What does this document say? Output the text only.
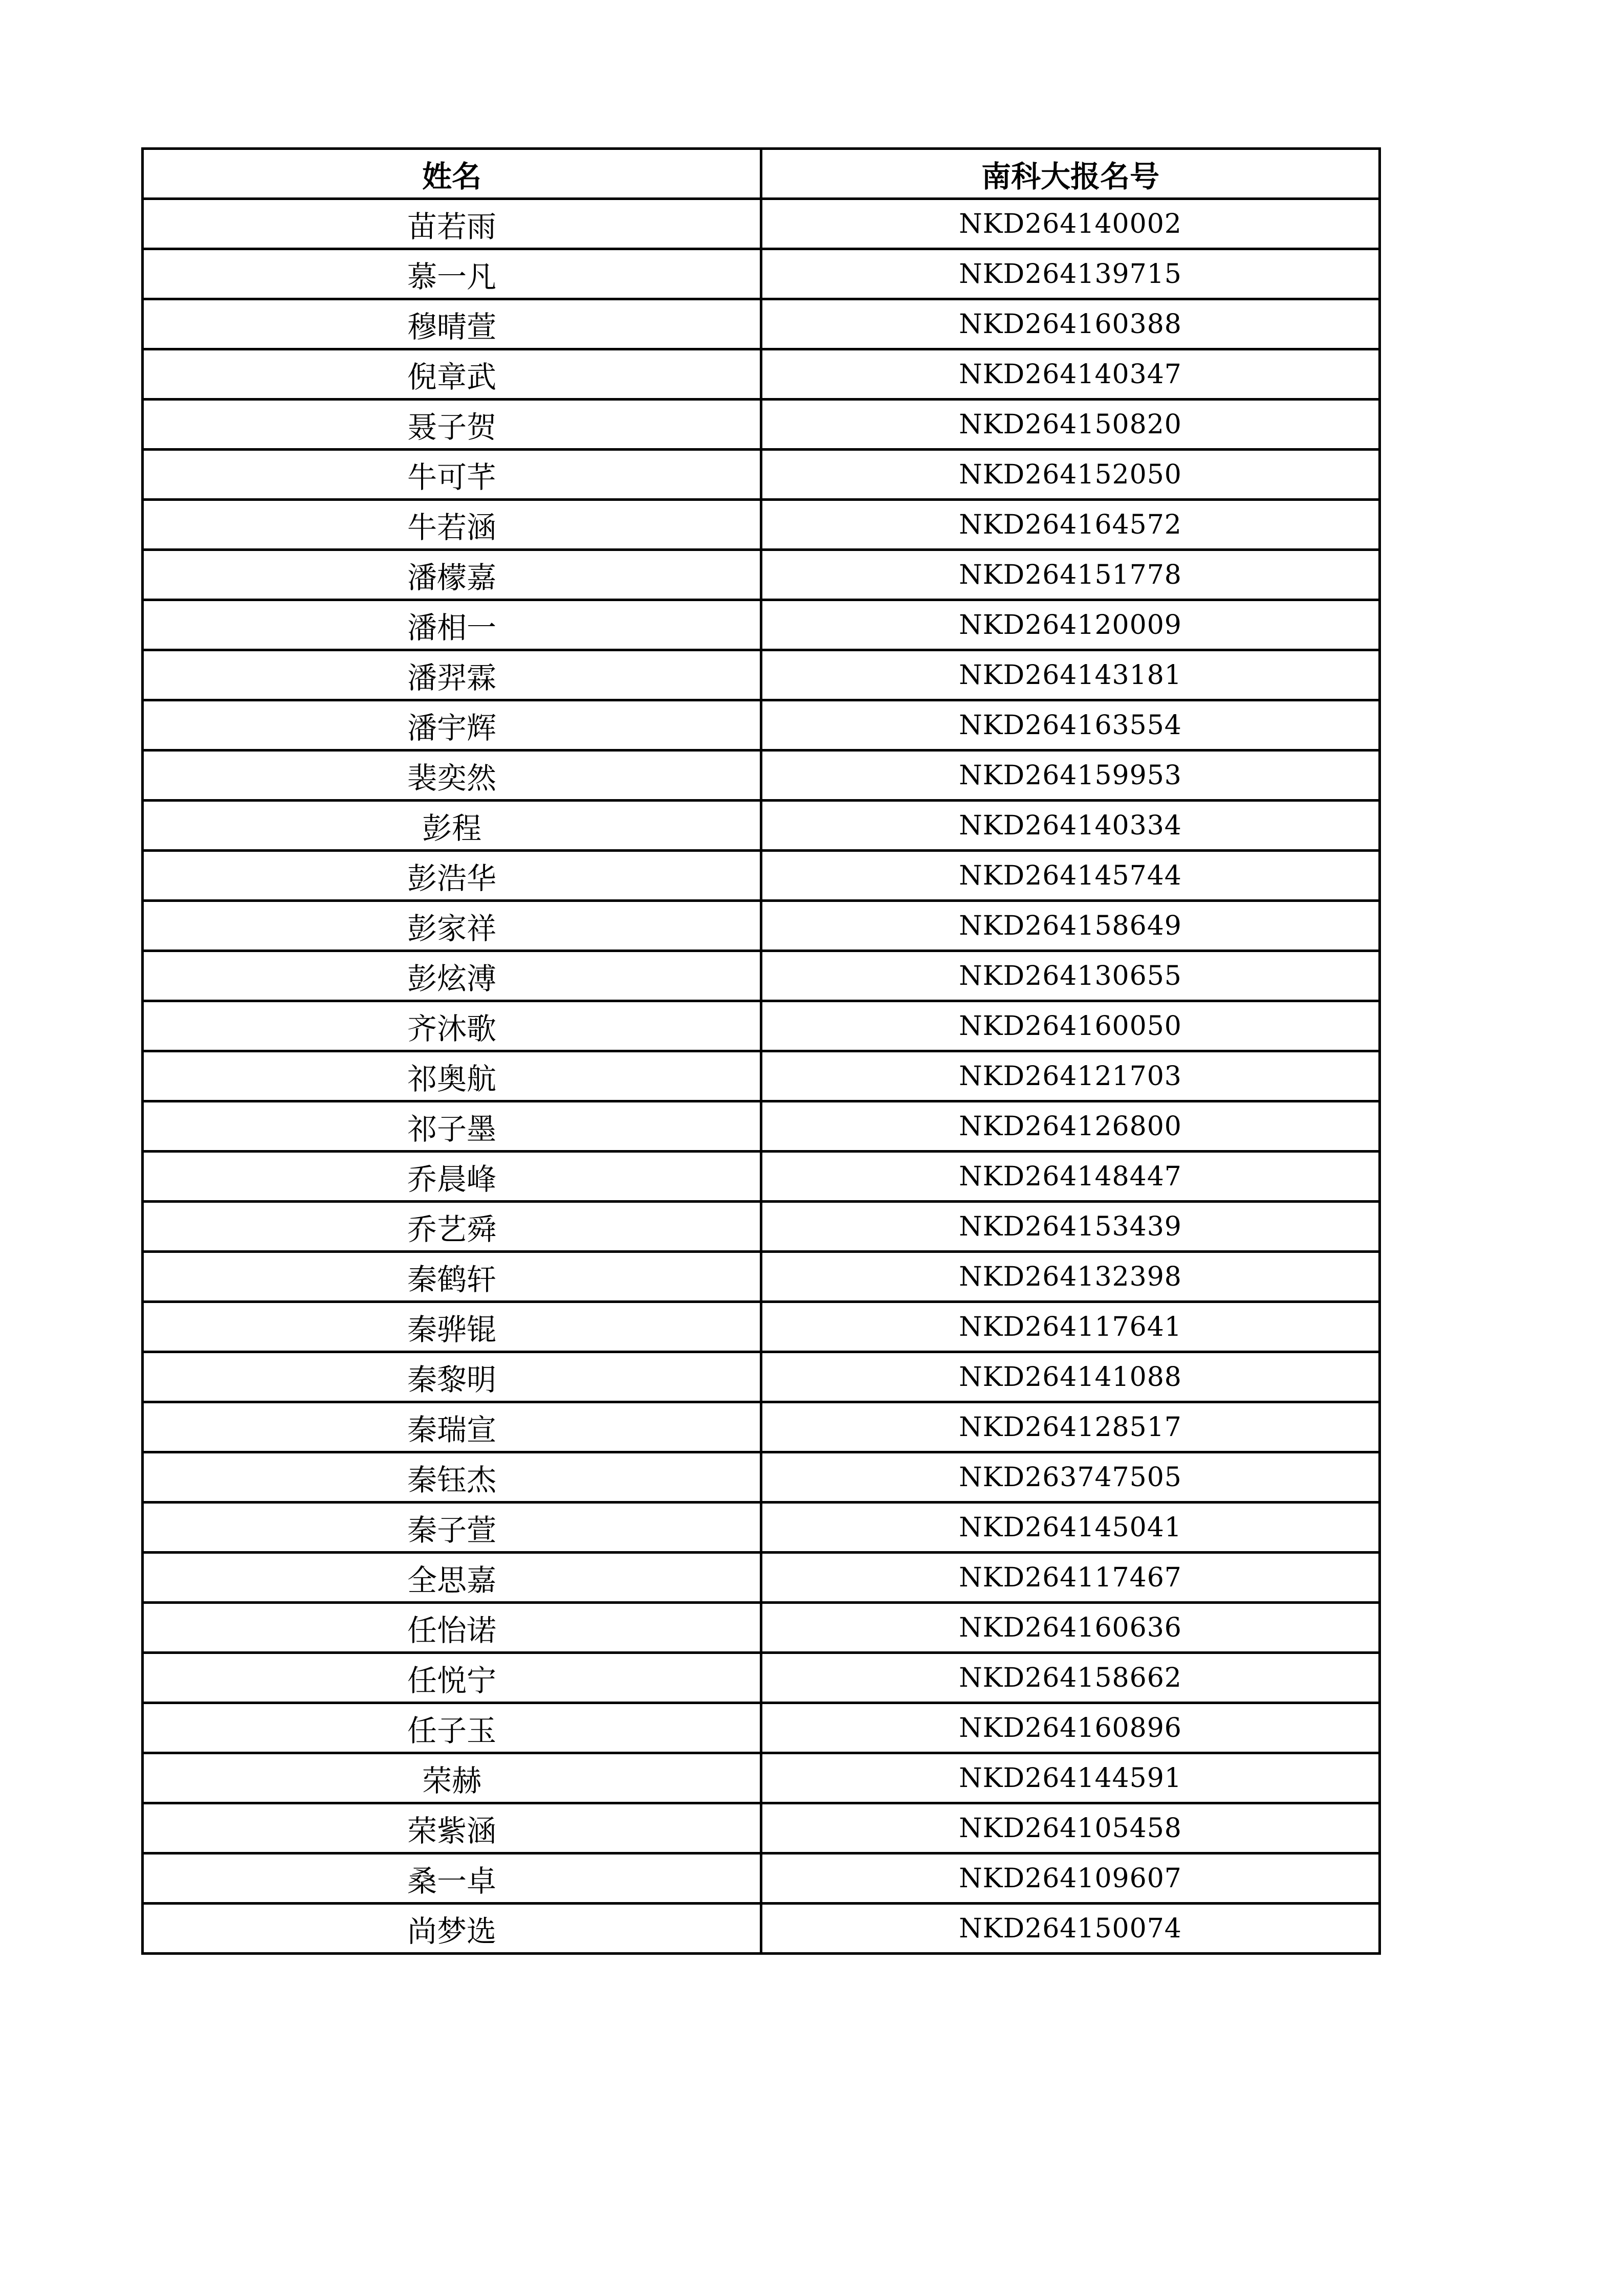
姓名	南科大报名号
苗若雨	NKD264140002
慕一凡	NKD264139715
穆晴萱	NKD264160388
倪章武	NKD264140347
聂子贺	NKD264150820
牛可芊	NKD264152050
牛若涵	NKD264164572
潘檬嘉	NKD264151778
潘相一	NKD264120009
潘羿霖	NKD264143181
潘宇辉	NKD264163554
裴奕然	NKD264159953
彭程	NKD264140334
彭浩华	NKD264145744
彭家祥	NKD264158649
彭炫溥	NKD264130655
齐沐歌	NKD264160050
祁奥航	NKD264121703
祁子墨	NKD264126800
乔晨峰	NKD264148447
乔艺舜	NKD264153439
秦鹤轩	NKD264132398
秦骅锟	NKD264117641
秦黎明	NKD264141088
秦瑞宣	NKD264128517
秦钰杰	NKD263747505
秦子萱	NKD264145041
全思嘉	NKD264117467
任怡诺	NKD264160636
任悦宁	NKD264158662
任子玉	NKD264160896
荣赫	NKD264144591
荣紫涵	NKD264105458
桑一卓	NKD264109607
尚梦选	NKD264150074
